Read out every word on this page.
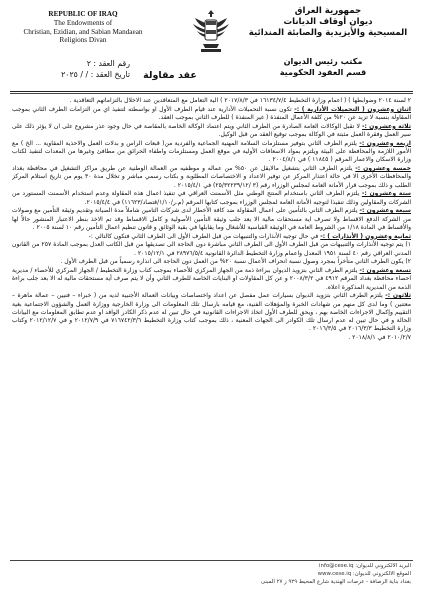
REPUBLIC OF IRAQ
The Endowments of
Christian, Ezidian, and Sabian Mandaean
Religions Divan
جمهورية العراق
ديوان أوقاف الديانات
المسيحية والأيزيدية والصابئة المندائية
مكتب رئيس الديوان
قسم العقود الحكومية
رقم العقد : ٢
تاريخ العقد : / / ٢٠٢٥	عقد مقاولة

٢ لسنة ٢٠١٤ وضوابطها ) ( اعمام وزارة التخطيط ١٦١٣٤/٧/٤ في ٢٠١٧/٨/٣ ) آلية التعامل مع المتعاقدين عند الاخلال بالتزاماتهم التعاقدية .

اثنان وعشرون ( التحميلات الأدارية ) :- تكون نسبة التحميلات الأدارية عند قيام الطرف الأول او بواسطته لتنفيذ اي من التزامات الطرف الثاني بموجب المقاولة بنسبة لا تزيد عن ٢٠% من كلفة الأعمال المنفذة ( غير المنفذة ) للطرف الثاني بموجب العقد.

ثلاثة وعشرون :- لا تقبل الوكالات العامة الصادرة من الطرف الثاني ويتم اعتماد الوكالة الخاصة بالمقاصة في حال وجود عذر مشروع على ان لا يؤثر ذلك على سير العمل وفقرة العمل مثبتة في الوكالة بموجب توقيع العقد من قبل الوكيل.

اربعة وعشرون :- يلتزم الطرف الثاني بتوفير مستلزمات السلامة المهنية الجماعية والفردية من( قبعات الراس و بدلات العمل والاحذية المقاوية ... الخ ) مع الأمور اللازمة والمحافظة على البيئة ويلتزم بمواد الاسعافات الأولية في موقع العمل ومستلزمات واطفاء الحرائق من مطافئ وغيرها من المعدات لتنفيذ لكتاب وزارة الاسكان والاعمار المرقم ( ١١٨٤٥ ) في ٢٠٠٤/٨/١ .

خمسة وعشرون :- يلتزم الطرف الثاني بتشغيل مالايقل عن ٥٠% من عماله و موظفيه من العمالة الوطنية عن طريق مراكز التشغيل في محافظة بغداد والمحافظات الأخرى الا في حالة اعتذار المركز عن توفير الاعداد و الاختصاصات المطلوبة و بكتاب رسمي مباشر و تخلال مدة ٣٠ يوم من تاريخ استلام المركز الطلب و ذلك بموجب قرار الأمانة العامة لمجلس الوزراء رقم (٣ /٢٥/٣٢٢٣٩/١٢) في ٢٠١٥/٤/١ .

ستة وعشرون :- يلتزم الطرف الثاني باستخدام المنتج الوطني مثل الأسمنت العراقي في تنفيذ اعمال هذه المقاولة وعدم استخدام الأسمنت المستورد من الشركات والمقاولين وذلك تنفيذا لتوجيه الأمانة العامة لمجلس الوزراء بموجب كتابها المرقم (م.ر/١/١٠/قتصاد/١١٦٢٣) في ٢٠١٥/٤/٤.

سبعة وعشرون :- يلتزم الطرف الثاني بالتأمين على اعمال المقاولة ضد كافة الأخطار لدى شركات التامين شاملاً مدة الصيانة وتقديم وثيقة التأمين مع وصولات من الشركة الدفع الاقساط ولا تصرف اية مستحقات مالية الا بعد جلب وثيقة التأمين الأصولية و كامل الاقساط وقد تم الاخذ بنظر الاعتبار المنشور حالاً لها والأقساط في المادة ١/١٨ من الشروط العامة في الوثيقة القياسية للأشغال وما يقابلها في بقية الوثائق و قانون تنظيم اعمال التأمين رقم ١٠ لسنة ٢٠٠٥ .

ثمانية وعشرون ( الأنذارات ) :- في حال توجيه الأنذارات والتنبيهات من قبل الطرف الأول الى الطرف الثاني فتكون كالتالي :-

١) يتم توجيه الأنذارات والتنبيهات من قبل الطرف الأول الى الطرف الثاني مباشرة دون الحاجة الى تصديقها من قبل الكاتب العدل بموجب المادة ٢٥٧ من القانون المدني العراقي رقم ٤٠ لسنة ١٩٥١ المعدل واعمام وزارة التخطيط الدائرة القانونية ٢٨٩٧٦/٥/٤ في ٢٠١٥/١٢/١ .

٢) يكون الطرف الثاني متأخراً بمجرد وصول نسبة انحراف الأعمال نسبة ٢٠% من العمل دون الحاجة الى انذاره رسمياً من قبل الطرف الأول .

تسعة وعشرون :- يلتزم الطرف الثاني بتزويد الديوان ببراءة ذمة من الجهاز المركزي للأحصاء بموجب كتاب وزارة التخطيط / الجهاز المركزي للأحصاء / مديرية احصاء محافظة بغداد المرقم ٤٩١٢ في ٢٠٠٨/٣/٢ و عن كل المقاولات او البنايات الخاصة للطرف الثاني وأن لا يتم صرف أية مستحقات مالية له الا بعد جلب براءة الذمة من المديرية المذكورة اعلاه.

ثلاثون :- يلتزم الطرف الثاني بتزويد الديوان بسيارات عمل مفصل عن اعداد واختصاصات وبيانات العمالة الأجنبية لديه من ( خبراء – فنيين – عمالة ماهرة – معتنين ) وما لدى كل منهم من شهادات الخبرة والمؤهلات الفنية، مع قيامه بارسال تلك المعلومات الى وزارة الخارجية ووزارة العمل والشؤون الاجتماعية بغية التقييم وإكمال الاجراءات الخاصة بهم ، ويحق للطرف الأول اتخاذ الاجراءات القانونية في حال تبين له عدم ذكر الكادر الوافد او عدم تطابق المعلومات مع البيانات الحالة و في حال تبين له عدم ارسال تلك الكوادر الى الجهات المعنية ، ذلك بموجب كتاب وزارة التخطيط ٧١٦٧٤٢/٣/٦ في ٢٠١٢/٧/٩ و في ٢٠١٢/١٢/٧ وكتاب وزارة التخطيط ٢٠١٦/٣/٣ في ٢٠١٦/٣/٥ .

٢٠١٠/٢/٧ في ٢٠١٨/٨/١ .

البريد الألكتروني للديوان: info@cese.iq
الموقع الألكتروني للديوان: www.cese.iq
بغداد بناية الرصافة - عرصات الهندية شارع المحيط ٩٢٩ ز ٢٧ المبنى
